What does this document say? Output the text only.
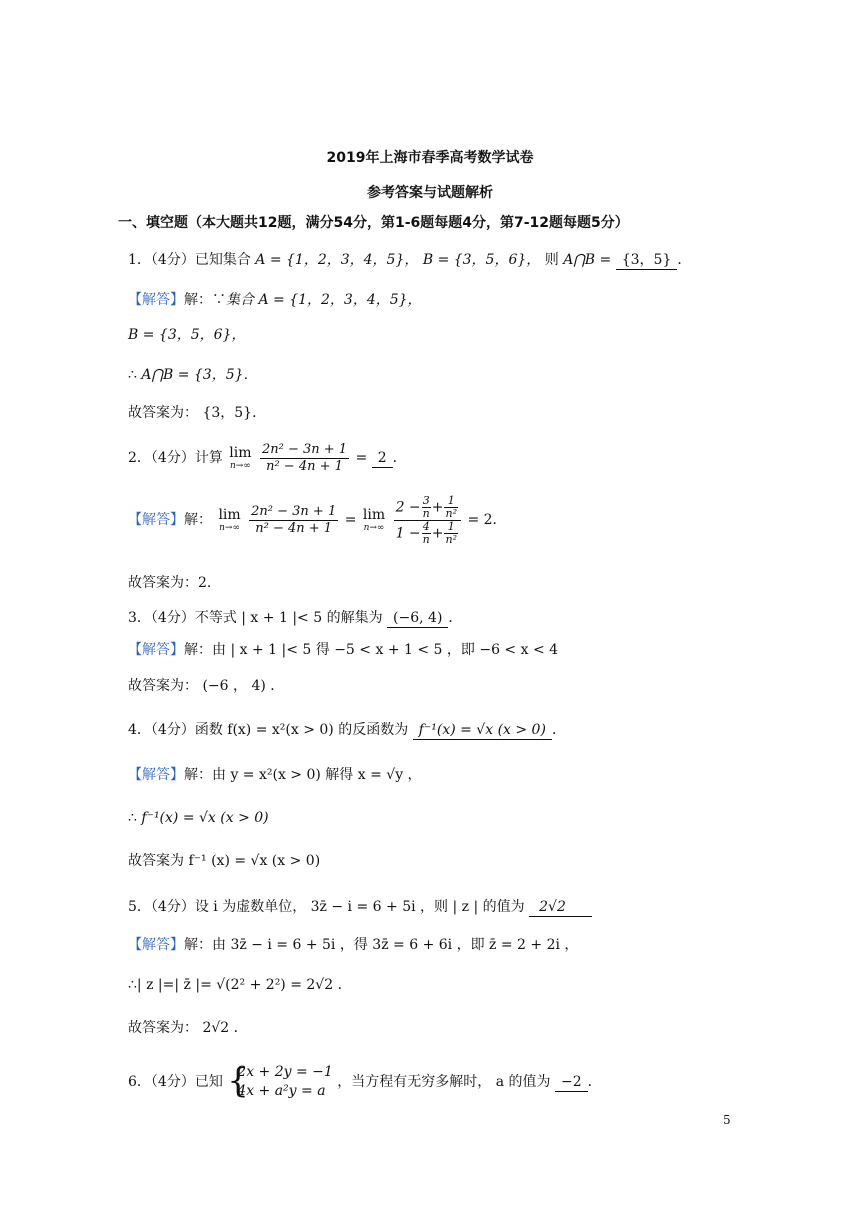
2019年上海市春季高考数学试卷
参考答案与试题解析
一、填空题（本大题共12题，满分54分，第1-6题每题4分，第7-12题每题5分）
1．（4分）已知集合 A = {1，2，3，4，5}， B = {3，5，6}， 则 A⋂B = {3，5} ．
【解答】解：∵集合 A = {1，2，3，4，5}，
B = {3，5，6}，
∴ A⋂B = {3，5}．
故答案为： {3，5}．
2．（4分）计算 lim
n→∞
$\frac{\text{2n² − 3n + 1}}{\text{n² − 4n + 1}} = 2$ ．
【解答】解： lim
n→∞
$\frac{\text{2n² − 3n + 1}}{\text{n² − 4n + 1}} = \lim$
n→∞
$\frac{2 - \frac{3}{n} + \frac{1}{\text{n²}}}{1 - \frac{4}{n} + \frac{1}{\text{n²}}} = 2$．
故答案为：2．
3．（4分）不等式 | x + 1 |< 5 的解集为 (−6, 4) ．
【解答】解：由 | x + 1 |< 5 得 −5 < x + 1 < 5 ，即 −6 < x < 4
故答案为： (−6 ， 4) ．
4．（4分）函数 f(x) = x²(x > 0) 的反函数为 f⁻¹(x) = √x (x > 0) ．
【解答】解：由 y = x²(x > 0) 解得 x = √y ，
∴ f⁻¹(x) = √x (x > 0)
故答案为 f⁻¹ (x) = √x (x > 0)
5．（4分）设 i 为虚数单位， 3z̄ − i = 6 + 5i ，则 | z | 的值为 2√2
【解答】解：由 3z̄ − i = 6 + 5i ，得 3z̄ = 6 + 6i ，即 z̄ = 2 + 2i ，
∴| z |=| z̄ |= √(2² + 2²) = 2√2 ．
故答案为： 2√2 ．
6．（4分）已知 {
2x + 2y = −1
4x + a²y = a
，当方程有无穷多解时， a 的值为 −2 ．
5
